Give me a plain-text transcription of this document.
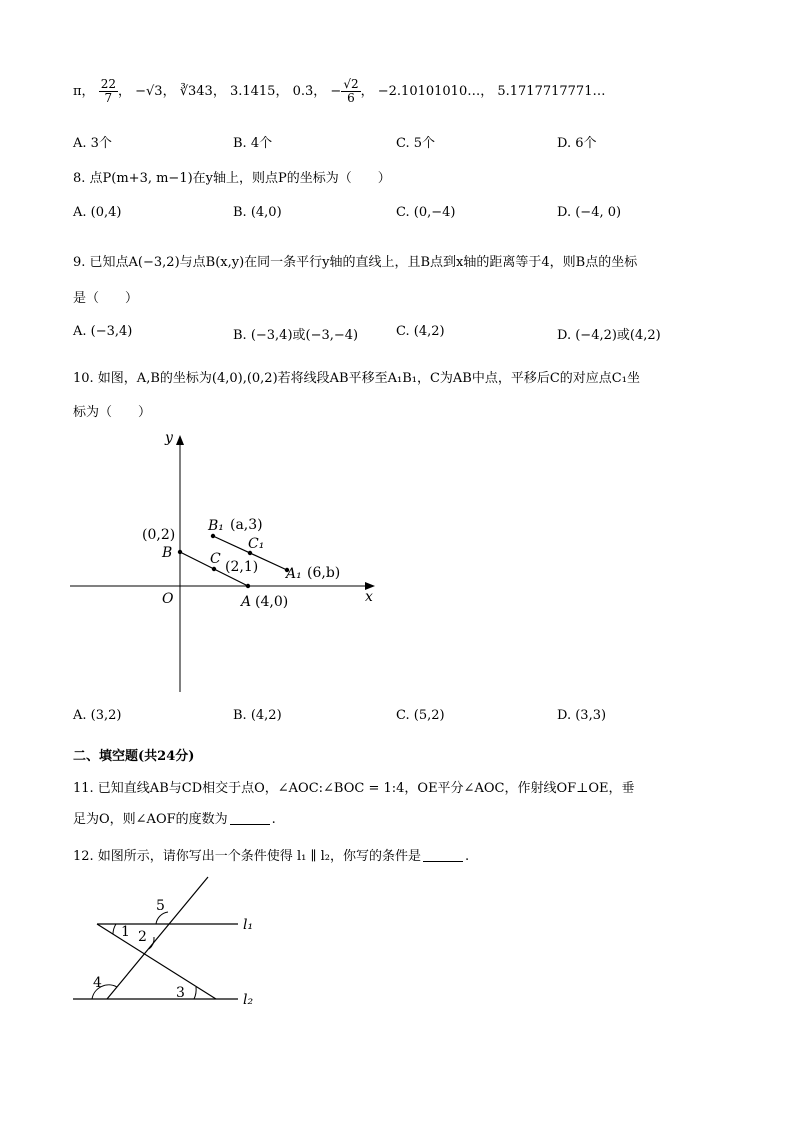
π， $\frac{22}{7}$ ， −√3， ∛343， 3.1415， 0.3̇， − $\frac{√2}{6}$ ， −2.10101010…， 5.1717717771…
A. 3个	B. 4个	C. 5个	D. 6个
8. 点P(m+3, m−1)在y轴上，则点P的坐标为（　　）
A. (0,4)	B. (4,0)	C. (0,−4)	D. (−4, 0)
9. 已知点A(−3,2)与点B(x,y)在同一条平行y轴的直线上，且B点到x轴的距离等于4，则B点的坐标
是（　　）
A. (−3,4)	B. (−3,4)或(−3,−4)	C. (4,2)	D. (−4,2)或(4,2)
10. 如图，A,B的坐标为(4,0),(0,2)若将线段AB平移至A₁B₁，C为AB中点，平移后C的对应点C₁坐
标为（　　）
y
x
O
(0,2)
B	C (2,1)
B₁ (a,3)
C₁
A₁ (6,b)
A (4,0)
A. (3,2)	B. (4,2)	C. (5,2)	D. (3,3)
二、填空题(共24分)
11. 已知直线AB与CD相交于点O，∠AOC:∠BOC = 1:4，OE平分∠AOC，作射线OF⊥OE，垂
足为O，则∠AOF的度数为	.
12. 如图所示，请你写出一个条件使得 l₁ ∥ l₂，你写的条件是	.
1 2
5
4
3
l₁
l₂
